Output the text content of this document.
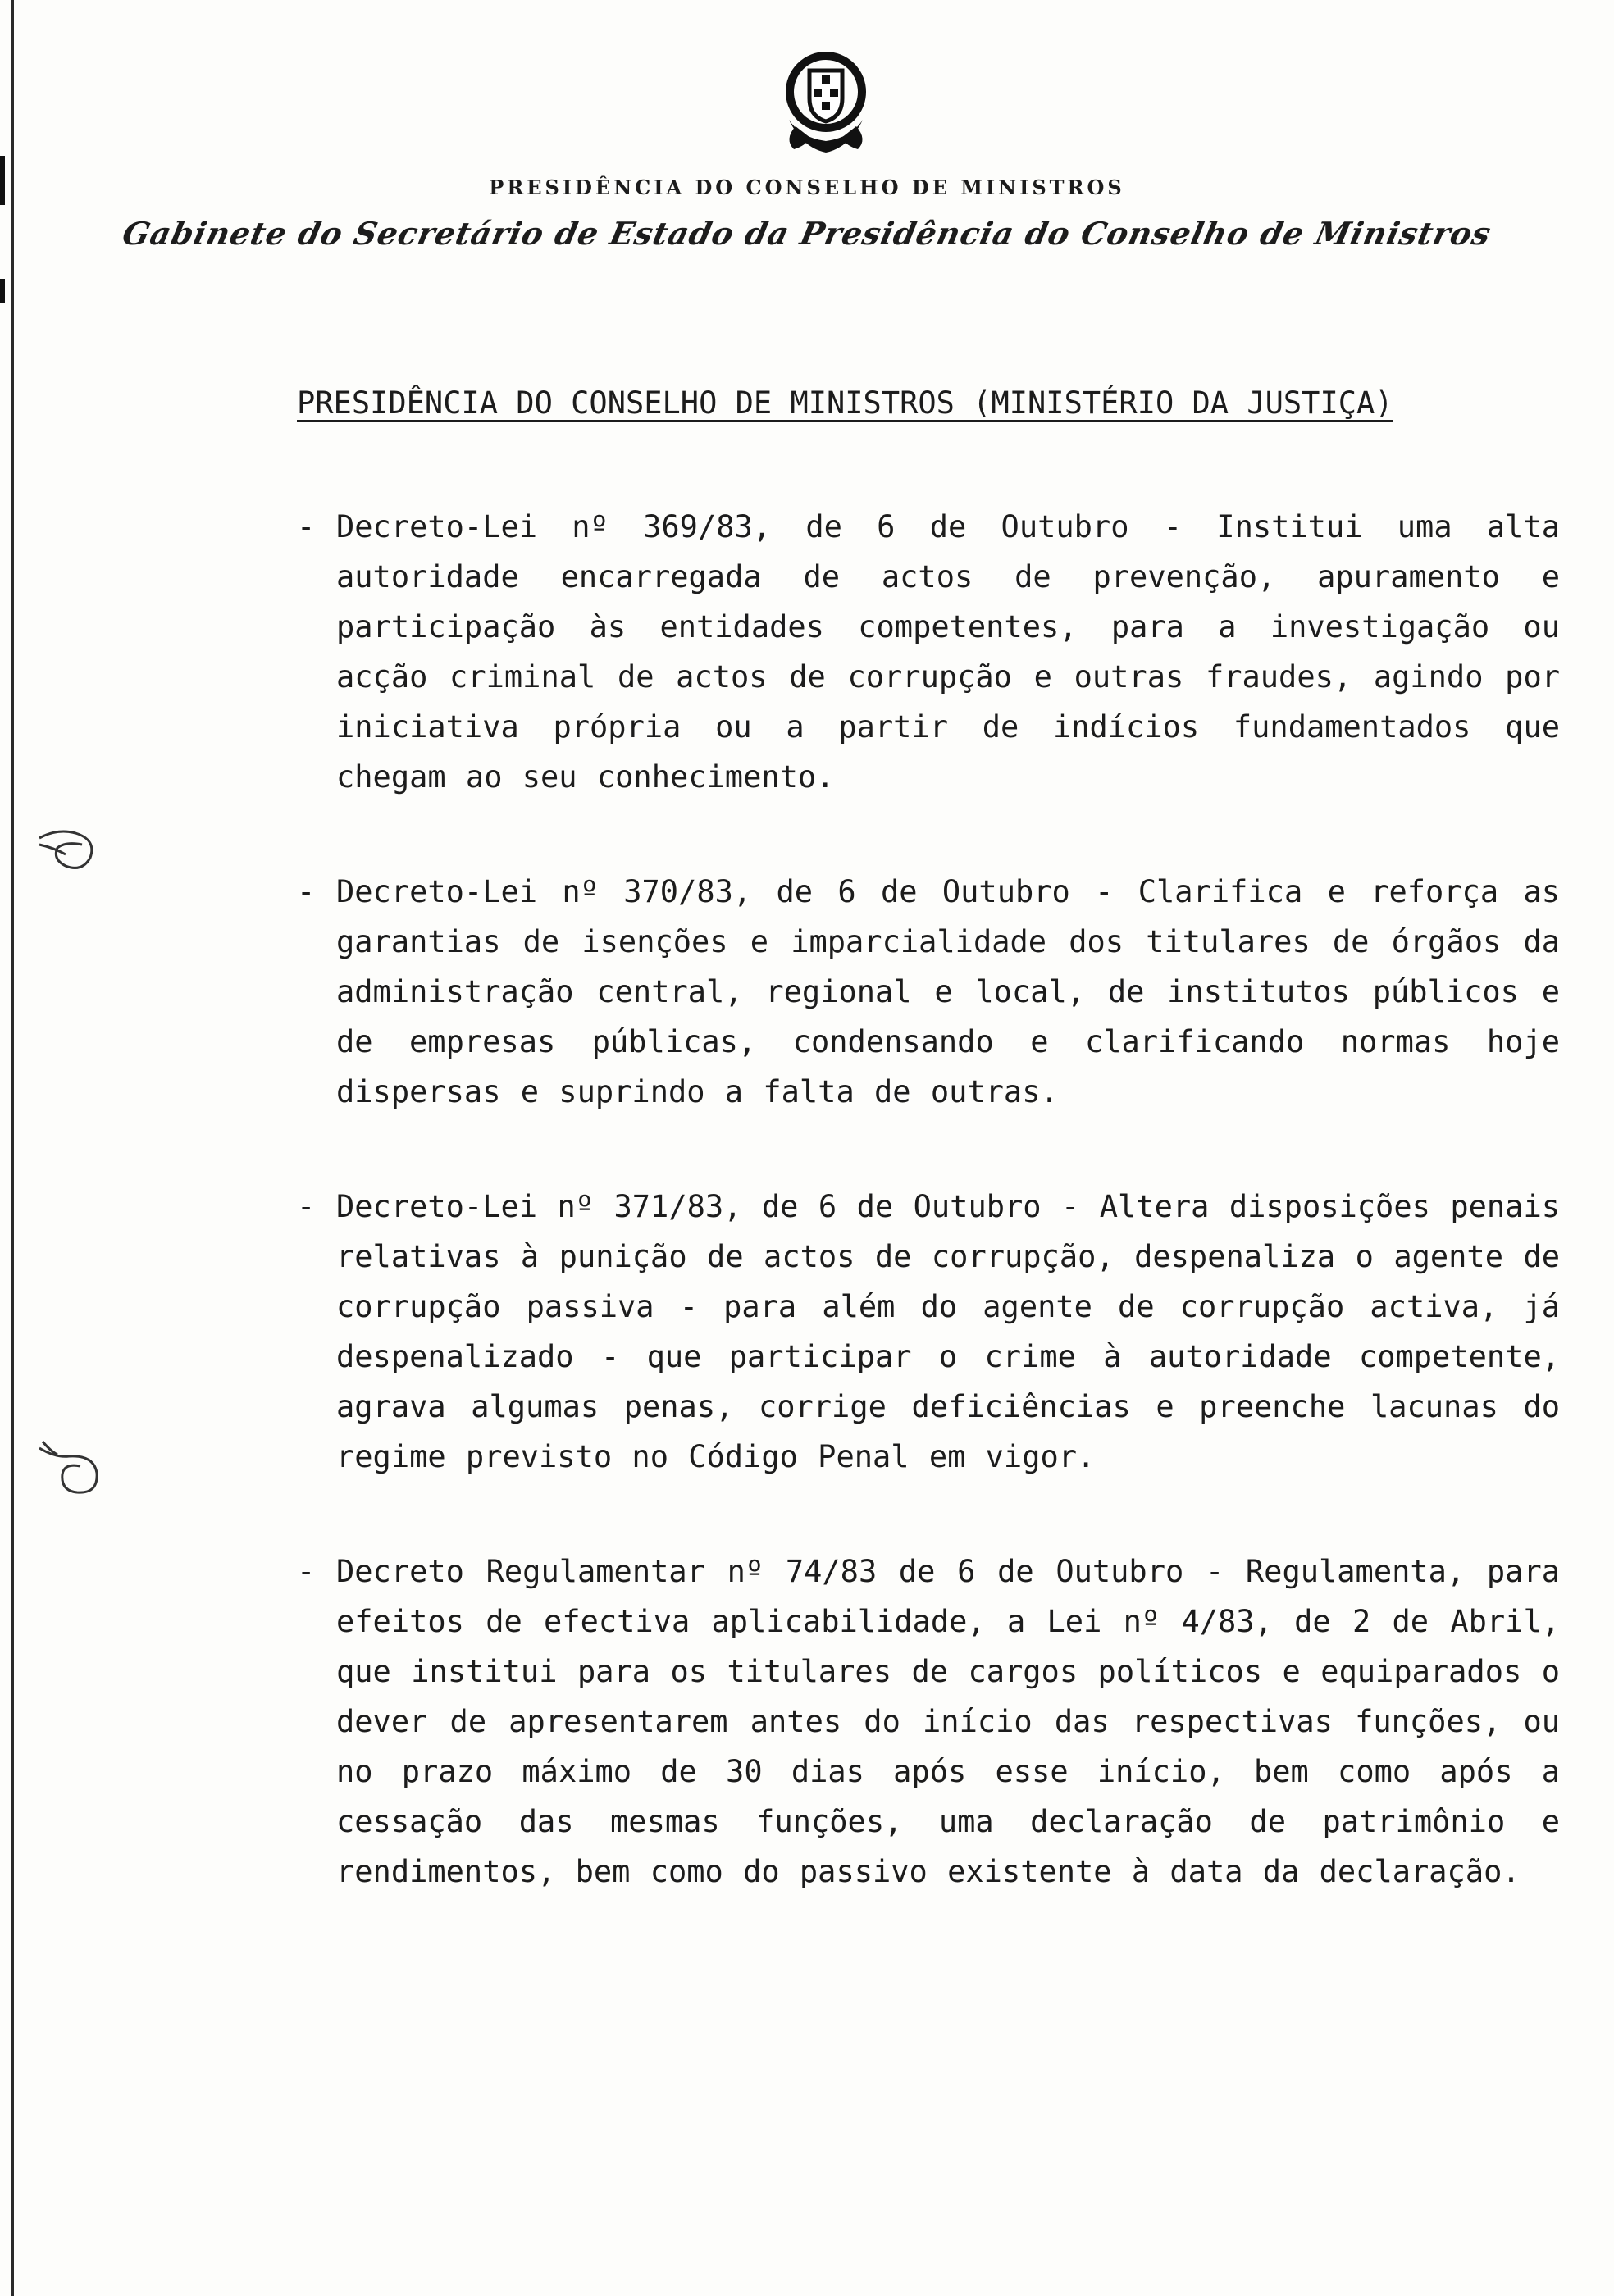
PRESIDÊNCIA DO CONSELHO DE MINISTROS
Gabinete do Secretário de Estado da Presidência do Conselho de Ministros
PRESIDÊNCIA DO CONSELHO DE MINISTROS (MINISTÉRIO DA JUSTIÇA)
- Decreto-Lei nº 369/83, de 6 de Outubro - Institui uma alta autoridade encarregada de actos de prevenção, apuramento e participação às entidades competentes, para a investigação ou acção criminal de actos de corrupção e outras fraudes, agindo por iniciativa própria ou a partir de indícios fundamentados que chegam ao seu conhecimento.
- Decreto-Lei nº 370/83, de 6 de Outubro - Clarifica e reforça as garantias de isenções e imparcialidade dos titulares de órgãos da administração central, regional e local, de institutos públicos e de empresas públicas, condensando e clarificando normas hoje dispersas e suprindo a falta de outras.
- Decreto-Lei nº 371/83, de 6 de Outubro - Altera disposições penais relativas à punição de actos de corrupção, despenaliza o agente de corrupção passiva - para além do agente de corrupção activa, já despenalizado - que participar o crime à autoridade competente, agrava algumas penas, corrige deficiências e preenche lacunas do regime previsto no Código Penal em vigor.
- Decreto Regulamentar nº 74/83 de 6 de Outubro - Regulamenta, para efeitos de efectiva aplicabilidade, a Lei nº 4/83, de 2 de Abril, que institui para os titulares de cargos políticos e equiparados o dever de apresentarem antes do início das respectivas funções, ou no prazo máximo de 30 dias após esse início, bem como após a cessação das mesmas funções, uma declaração de patrimônio e rendimentos, bem como do passivo existente à data da declaração.
